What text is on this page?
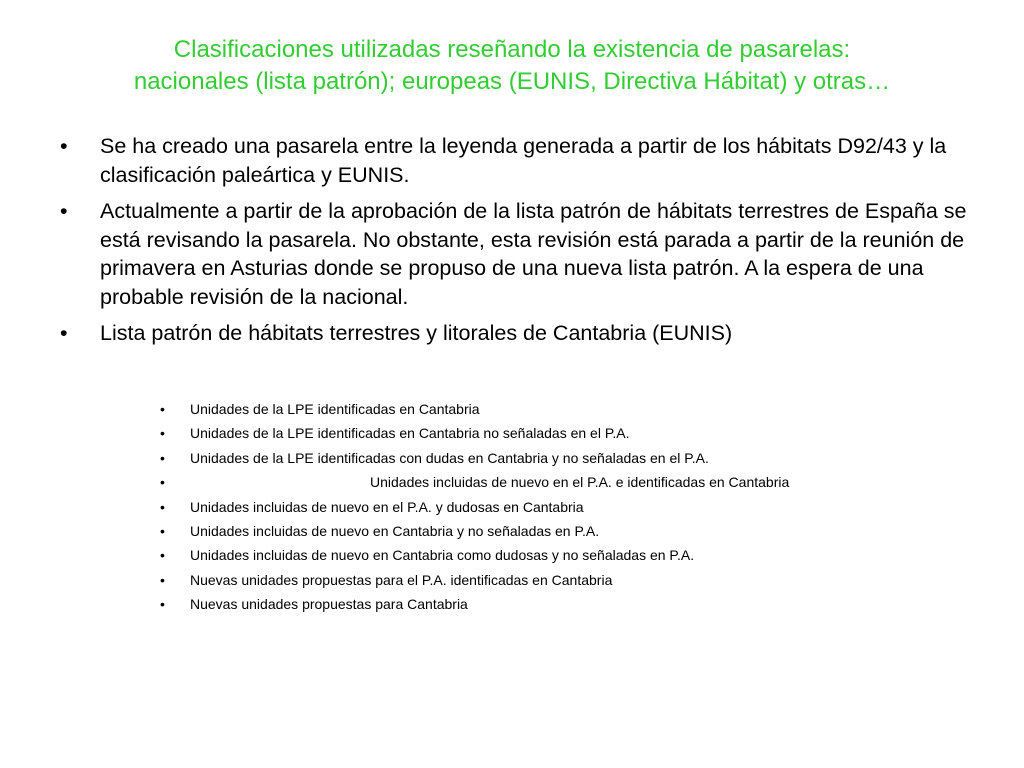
Clasificaciones utilizadas reseñando la existencia de pasarelas:
nacionales (lista patrón); europeas (EUNIS, Directiva Hábitat) y otras…
• Se ha creado una pasarela entre la leyenda generada a partir de los hábitats D92/43 y la clasificación paleártica y EUNIS.
• Actualmente a partir de la aprobación de la lista patrón de hábitats terrestres de España se está revisando la pasarela. No obstante, esta revisión está parada a partir de la reunión de primavera en Asturias donde se propuso de una nueva lista patrón. A la espera de una probable revisión de la nacional.
• Lista patrón de hábitats terrestres y litorales de Cantabria (EUNIS)
• Unidades de la LPE identificadas en Cantabria
• Unidades de la LPE identificadas en Cantabria no señaladas en el P.A.
• Unidades de la LPE identificadas con dudas en Cantabria y no señaladas en el P.A.
•	Unidades incluidas de nuevo en el P.A. e identificadas en Cantabria
• Unidades incluidas de nuevo en el P.A. y dudosas en Cantabria
• Unidades incluidas de nuevo en Cantabria y no señaladas en P.A.
• Unidades incluidas de nuevo en Cantabria como dudosas y no señaladas en P.A.
• Nuevas unidades propuestas para el P.A. identificadas en Cantabria
• Nuevas unidades propuestas para Cantabria
